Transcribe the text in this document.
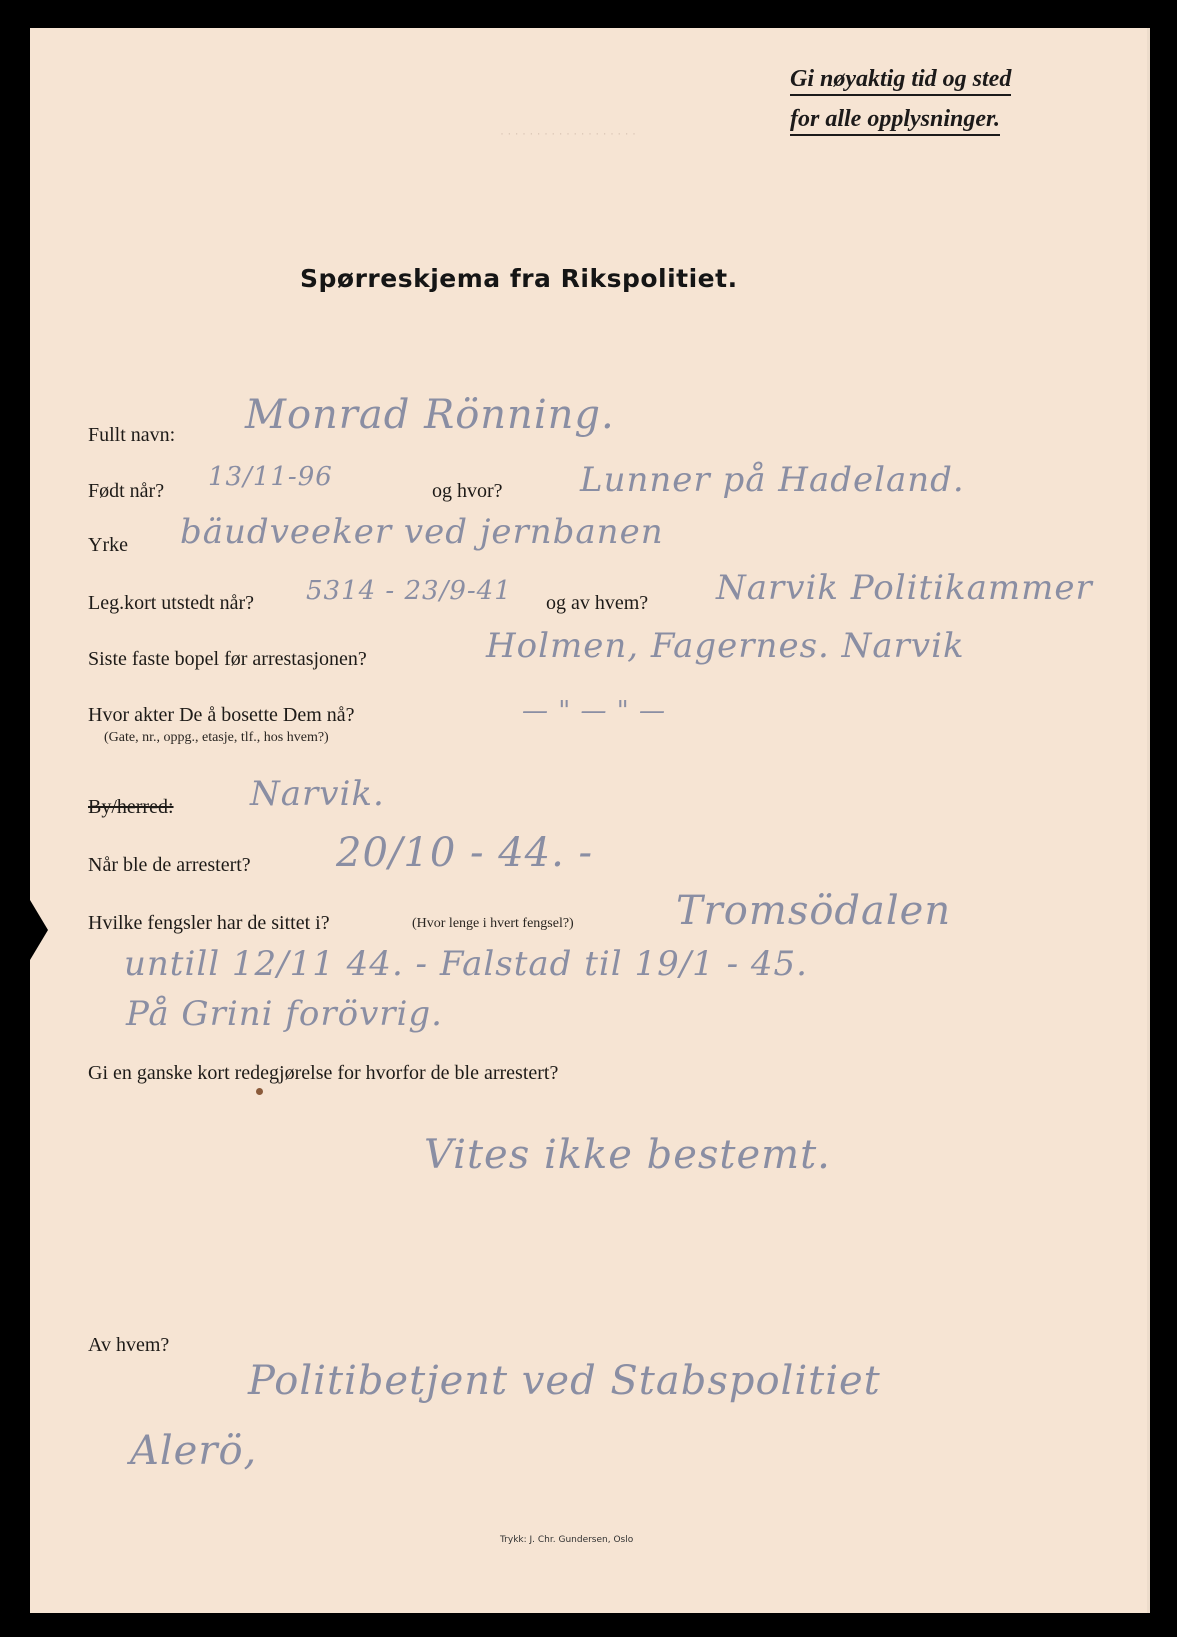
· · · · · · · · · · · · · · · · · · ·
Gi nøyaktig tid og sted
for alle opplysninger.
Spørreskjema fra Rikspolitiet.
Fullt navn: Monrad Rönning.
Født når? 13/11-96	og hvor? Lunner på Hadeland.
Yrke bäudveeker ved jernbanen
Leg.kort utstedt når? 5314 - 23/9-41 og av hvem? Narvik Politikammer
Siste faste bopel før arrestasjonen?	Holmen, Fagernes. Narvik
Hvor akter De å bosette Dem nå?
(Gate, nr., oppg., etasje, tlf., hos hvem?)
— " — " —
By/herred: Narvik.
Når ble de arrestert? 20/10 - 44. -
Hvilke fengsler har de sittet i?	(Hvor lenge i hvert fengsel?)	Tromsödalen
untill 12/11 44. - Falstad til 19/1 - 45.
På Grini forövrig.
Gi en ganske kort redegjørelse for hvorfor de ble arrestert?
Vites ikke bestemt.
Av hvem?
Politibetjent ved Stabspolitiet
Alerö,
Trykk: J. Chr. Gundersen, Oslo
